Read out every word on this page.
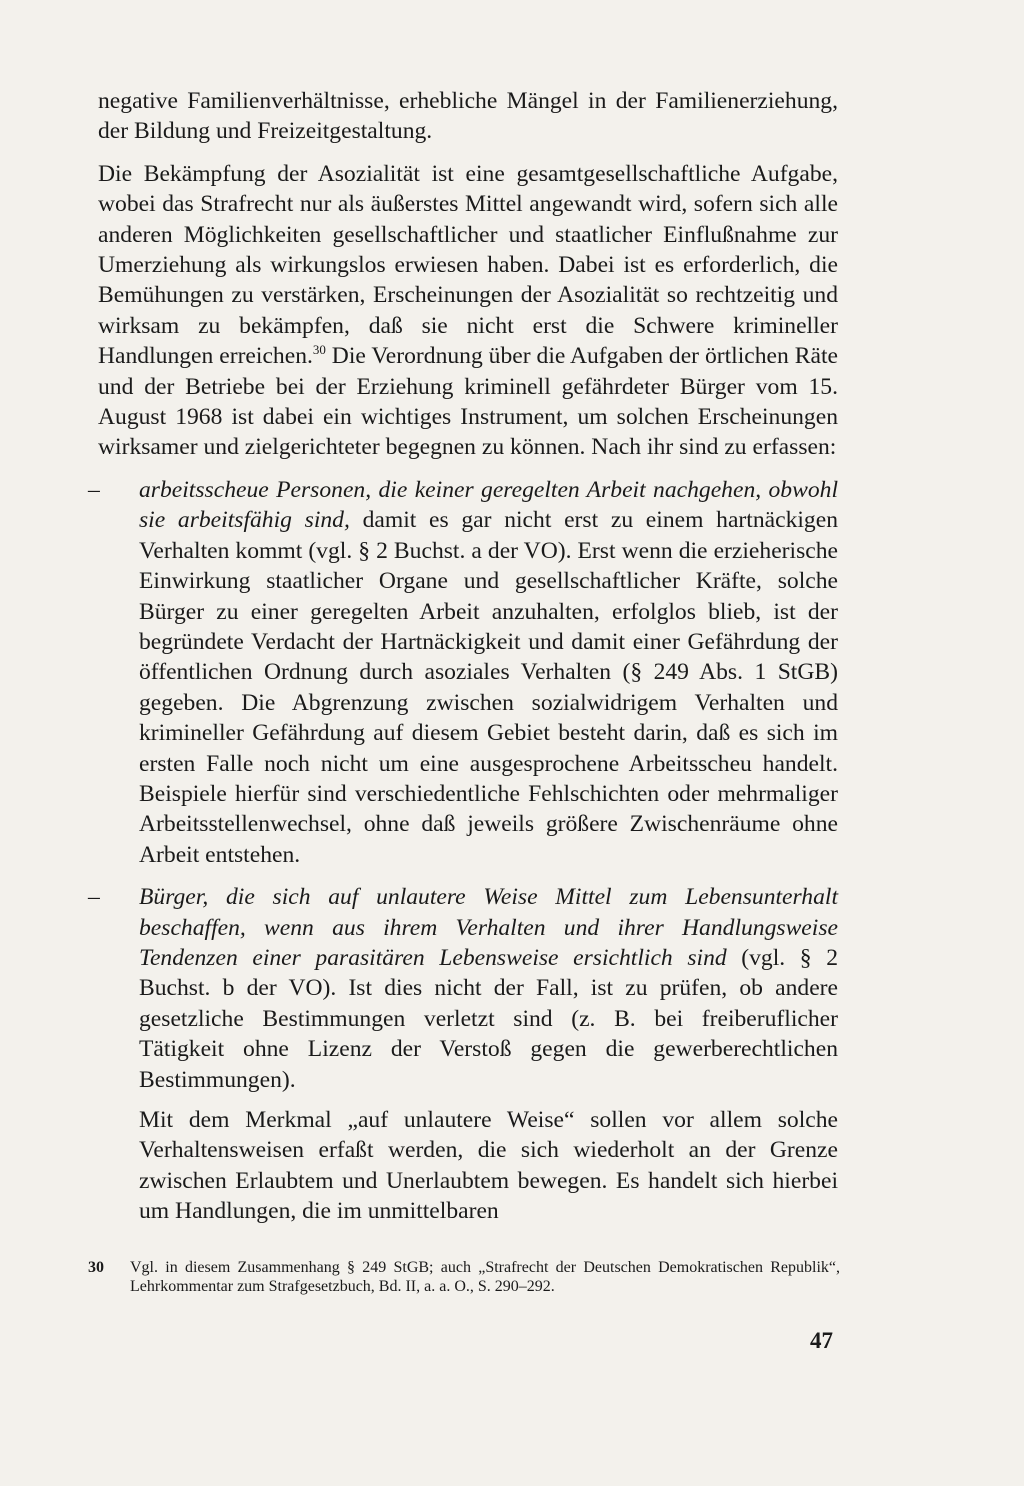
negative Familienverhältnisse, erhebliche Mängel in der Familienerziehung, der Bildung und Freizeitgestaltung.

Die Bekämpfung der Asozialität ist eine gesamtgesellschaftliche Aufgabe, wobei das Strafrecht nur als äußerstes Mittel angewandt wird, sofern sich alle anderen Möglichkeiten gesellschaftlicher und staatlicher Einflußnahme zur Umerziehung als wirkungslos erwiesen haben. Dabei ist es erforderlich, die Bemühungen zu verstärken, Erscheinungen der Asozialität so rechtzeitig und wirksam zu bekämpfen, daß sie nicht erst die Schwere krimineller Handlungen erreichen.$^{30}$ Die Verordnung über die Aufgaben der örtlichen Räte und der Betriebe bei der Erziehung kriminell gefährdeter Bürger vom 15. August 1968 ist dabei ein wichtiges Instrument, um solchen Erscheinungen wirksamer und zielgerichteter begegnen zu können. Nach ihr sind zu erfassen:

– arbeitsscheue Personen, die keiner geregelten Arbeit nachgehen, obwohl sie arbeitsfähig sind, damit es gar nicht erst zu einem hartnäckigen Verhalten kommt (vgl. § 2 Buchst. a der VO). Erst wenn die erzieherische Einwirkung staatlicher Organe und gesellschaftlicher Kräfte, solche Bürger zu einer geregelten Arbeit anzuhalten, erfolglos blieb, ist der begründete Verdacht der Hartnäckigkeit und damit einer Gefährdung der öffentlichen Ordnung durch asoziales Verhalten (§ 249 Abs. 1 StGB) gegeben. Die Abgrenzung zwischen sozialwidrigem Verhalten und krimineller Gefährdung auf diesem Gebiet besteht darin, daß es sich im ersten Falle noch nicht um eine ausgesprochene Arbeitsscheu handelt. Beispiele hierfür sind verschiedentliche Fehlschichten oder mehrmaliger Arbeitsstellenwechsel, ohne daß jeweils größere Zwischenräume ohne Arbeit entstehen.

– Bürger, die sich auf unlautere Weise Mittel zum Lebensunterhalt beschaffen, wenn aus ihrem Verhalten und ihrer Handlungsweise Tendenzen einer parasitären Lebensweise ersichtlich sind (vgl. § 2 Buchst. b der VO). Ist dies nicht der Fall, ist zu prüfen, ob andere gesetzliche Bestimmungen verletzt sind (z. B. bei freiberuflicher Tätigkeit ohne Lizenz der Verstoß gegen die gewerberechtlichen Bestimmungen).

Mit dem Merkmal „auf unlautere Weise“ sollen vor allem solche Verhaltensweisen erfaßt werden, die sich wiederholt an der Grenze zwischen Erlaubtem und Unerlaubtem bewegen. Es handelt sich hierbei um Handlungen, die im unmittelbaren

30	Vgl. in diesem Zusammenhang § 249 StGB; auch „Strafrecht der Deutschen Demokratischen Republik“, Lehrkommentar zum Strafgesetzbuch, Bd. II, a. a. O., S. 290–292.
47
